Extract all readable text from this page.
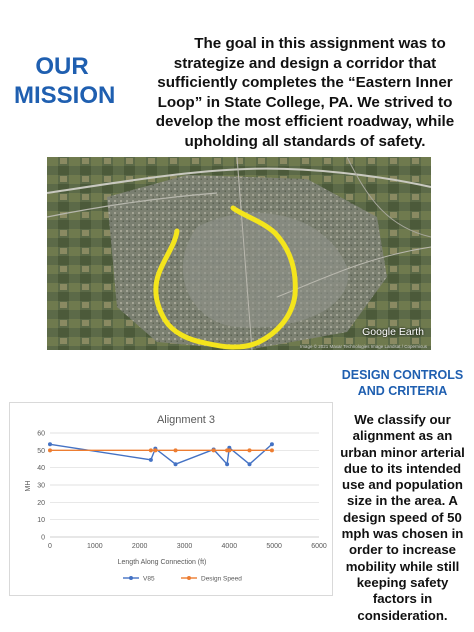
OUR
MISSION

The goal in this assignment was to strategize and design a corridor that sufficiently completes the “Eastern Inner Loop” in State College, PA. We strived to develop the most efficient roadway, while upholding all standards of safety.

Google Earth
Image © 2021 Maxar Technologies Image Landsat / Copernicus
Alignment 3
0
10
20
30
40
50
60
0	1000	2000	3000	4000	5000	6000
MH
Length Along Connection (ft)
V85	Design Speed
DESIGN CONTROLS
AND CRITERIA

We classify our alignment as an urban minor arterial due to its intended use and population size in the area. A design speed of 50 mph was chosen in order to increase mobility while still keeping safety factors in consideration.
